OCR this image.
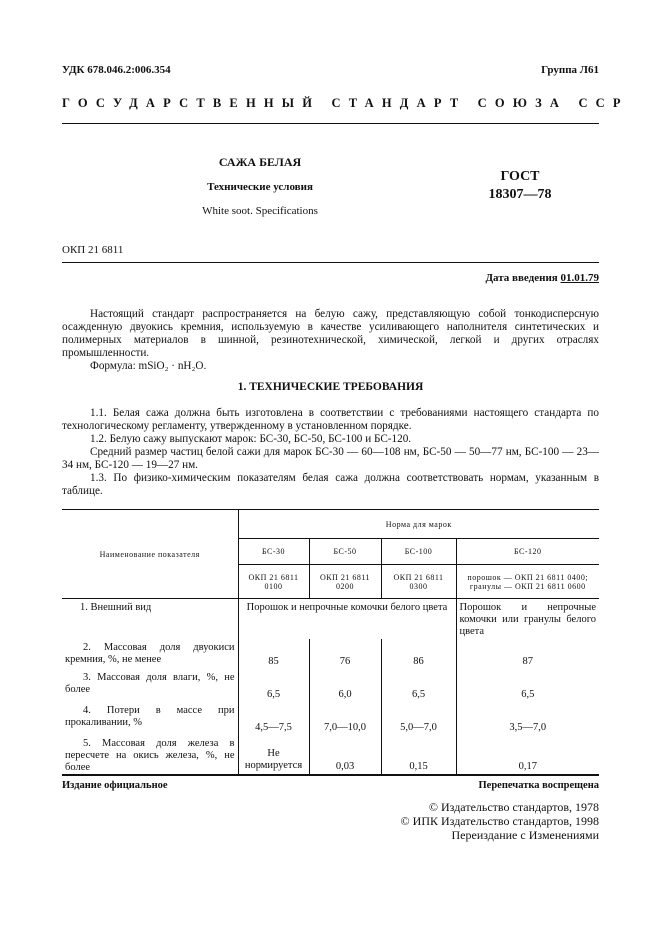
УДК 678.046.2:006.354	Группа Л61
ГОСУДАРСТВЕННЫЙ СТАНДАРТ СОЮЗА ССР
САЖА БЕЛАЯ
Технические условия
White soot. Specifications
ГОСТ
18307—78
ОКП 21 6811
Дата введения 01.01.79

Настоящий стандарт распространяется на белую сажу, представляющую собой тонкодисперсную осажденную двуокись кремния, используемую в качестве усиливающего наполнителя синтетических и полимерных материалов в шинной, резинотехнической, химической, легкой и других отраслях промышленности.

Формула: mSiO₂ · nH₂O.

1. ТЕХНИЧЕСКИЕ ТРЕБОВАНИЯ

1.1. Белая сажа должна быть изготовлена в соответствии с требованиями настоящего стандарта по технологическому регламенту, утвержденному в установленном порядке.

1.2. Белую сажу выпускают марок: БС-30, БС-50, БС-100 и БС-120.

Средний размер частиц белой сажи для марок БС-30 — 60—108 нм, БС-50 — 50—77 нм, БС-100 — 23—34 нм, БС-120 — 19—27 нм.

1.3. По физико-химическим показателям белая сажа должна соответствовать нормам, указанным в таблице.

Наименование показателя	Норма для марок			
	БС-30	БС-50	БС-100	БС-120
	ОКП 21 6811 0100	ОКП 21 6811 0200	ОКП 21 6811 0300	порошок — ОКП 21 6811 0400;
гранулы — ОКП 21 6811 0600

1. Внешний вид	Порошок и непрочные комочки белого цвета			Порошок и непрочные комочки или гранулы белого цвета
2. Массовая доля двуокиси кремния, %, не менее	85	76	86	87
3. Массовая доля влаги, %, не более	6,5	6,0	6,5	6,5
4. Потери в массе при прокаливании, %	4,5—7,5	7,0—10,0	5,0—7,0	3,5—7,0
5. Массовая доля железа в пересчете на окись железа, %, не более	Не нормируется	0,03	0,15	0,17
Издание официальное	Перепечатка воспрещена
© Издательство стандартов, 1978
© ИПК Издательство стандартов, 1998
Переиздание с Изменениями
